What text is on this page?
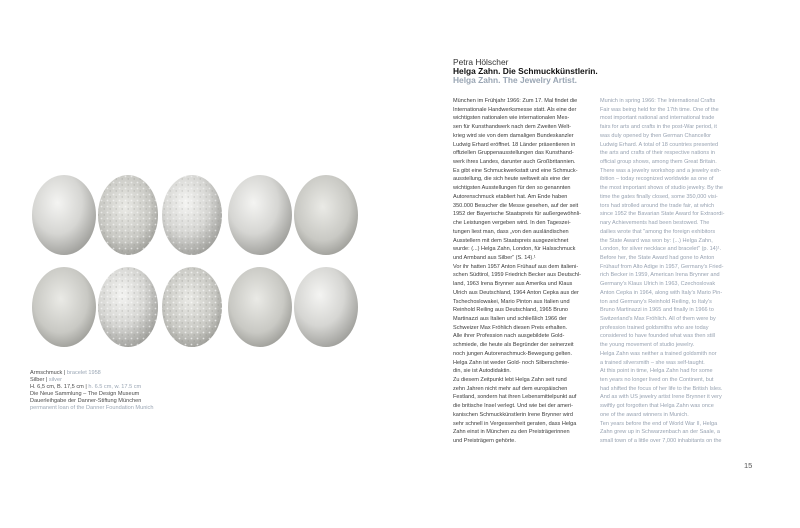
Armschmuck | bracelet 1958
Silber | silver
H. 6,5 cm, B. 17,5 cm | h. 6.5 cm, w. 17.5 cm
Die Neue Sammlung – The Design Museum
Dauerleihgabe der Danner-Stiftung München
permanent loan of the Danner Foundation Munich
Petra Hölscher
Helga Zahn. Die Schmuckkünstlerin.
Helga Zahn. The Jewelry Artist.
München im Frühjahr 1966: Zum 17. Mal findet die
Internationale Handwerksmesse statt. Als eine der
wichtigsten nationalen wie internationalen Mes-
sen für Kunsthandwerk nach dem Zweiten Welt-
krieg wird sie von dem damaligen Bundeskanzler
Ludwig Erhard eröffnet. 18 Länder präsentieren in
offiziellen Gruppenausstellungen das Kunsthand-
werk ihres Landes, darunter auch Großbritannien.
Es gibt eine Schmuckwerkstatt und eine Schmuck-
ausstellung, die sich heute weltweit als eine der
wichtigsten Ausstellungen für den so genannten
Autorenschmuck etabliert hat. Am Ende haben
350.000 Besucher die Messe gesehen, auf der seit
1952 der Bayerische Staatspreis für außergewöhnli-
che Leistungen vergeben wird. In den Tageszei-
tungen liest man, dass „von den ausländischen
Ausstellern mit dem Staatspreis ausgezeichnet
wurde: (...) Helga Zahn, London, für Halsschmuck
und Armband aus Silber“ (S. 14).¹
Vor ihr hatten 1957 Anton Frühauf aus dem italieni-
schen Südtirol, 1959 Friedrich Becker aus Deutschl-
land, 1963 Irena Brynner aus Amerika und Klaus
Ulrich aus Deutschland, 1964 Anton Cepka aus der
Tschechoslowakei, Mario Pinton aus Italien und
Reinhold Reiling aus Deutschland, 1965 Bruno
Martinazzi aus Italien und schließlich 1966 der
Schweizer Max Fröhlich diesen Preis erhalten.
Alle ihrer Profession nach ausgebildete Gold-
schmiede, die heute als Begründer der seinerzeit
noch jungen Autorenschmuck-Bewegung gelten.
Helga Zahn ist weder Gold- noch Silberschmie-
din, sie ist Autodidaktin.
Zu diesem Zeitpunkt lebt Helga Zahn seit rund
zehn Jahren nicht mehr auf dem europäischen
Festland, sondern hat ihren Lebensmittelpunkt auf
die britische Insel verlegt. Und wie bei der ameri-
kanischen Schmuckkünstlerin Irene Brynner wird
sehr schnell in Vergessenheit geraten, dass Helga
Zahn einst in München zu den Preisträgerinnen
und Preisträgern gehörte.
Munich in spring 1966: The International Crafts
Fair was being held for the 17th time. One of the
most important national and international trade
fairs for arts and crafts in the post-War period, it
was duly opened by then German Chancellor
Ludwig Erhard. A total of 18 countries presented
the arts and crafts of their respective nations in
official group shows, among them Great Britain.
There was a jewelry workshop and a jewelry exh-
ibition – today recognized worldwide as one of
the most important shows of studio jewelry. By the
time the gates finally closed, some 350,000 visi-
tors had strolled around the trade fair, at which
since 1952 the Bavarian State Award for Extraordi-
nary Achievements had been bestowed. The
dailies wrote that "among the foreign exhibitors
the State Award was won by: (...) Helga Zahn,
London, for silver necklace and bracelet" (p. 14)¹.
Before her, the State Award had gone to Anton
Frühauf from Alto Adige in 1957, Germany's Fried-
rich Becker in 1959, American Irena Brynner and
Germany's Klaus Ulrich in 1963, Czechoslovak
Anton Cepka in 1964, along with Italy's Mario Pin-
ton and Germany's Reinhold Reiling, to Italy's
Bruno Martinazzi in 1965 and finally in 1966 to
Switzerland's Max Fröhlich. All of them were by
profession trained goldsmiths who are today
considered to have founded what was then still
the young movement of studio jewelry.
Helga Zahn was neither a trained goldsmith nor
a trained silversmith – she was self-taught.
At this point in time, Helga Zahn had for some
ten years no longer lived on the Continent, but
had shifted the focus of her life to the British Isles.
And as with US jewelry artist Irene Brynner it very
swiftly got forgotten that Helga Zahn was once
one of the award winners in Munich.
Ten years before the end of World War II, Helga
Zahn grew up in Schwarzenbach an der Saale, a
small town of a little over 7,000 inhabitants on the
15
